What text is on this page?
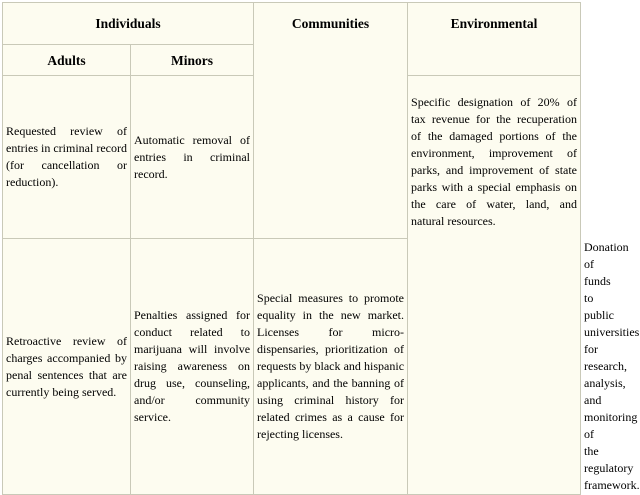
Individuals		Communities	Environmental	
Adults	Minors			
Requested review of entries in criminal record (for cancellation or reduction).	Automatic removal of entries in criminal record.		Specific designation of 20% of tax revenue for the recuperation of the damaged portions of the environment, improvement of parks, and improvement of state parks with a special emphasis on the care of water, land, and natural resources.	
Retroactive review of charges accompanied by penal sentences that are currently being served.	Penalties assigned for conduct related to marijuana will involve raising awareness on drug use, counseling, and/or community service.	Special measures to promote equality in the new market. Licenses for micro-dispensaries, prioritization of requests by black and hispanic applicants, and the banning of using criminal history for related crimes as a cause for rejecting licenses.		Donation of funds to public universities for research, analysis, and monitoring of the regulatory framework.
